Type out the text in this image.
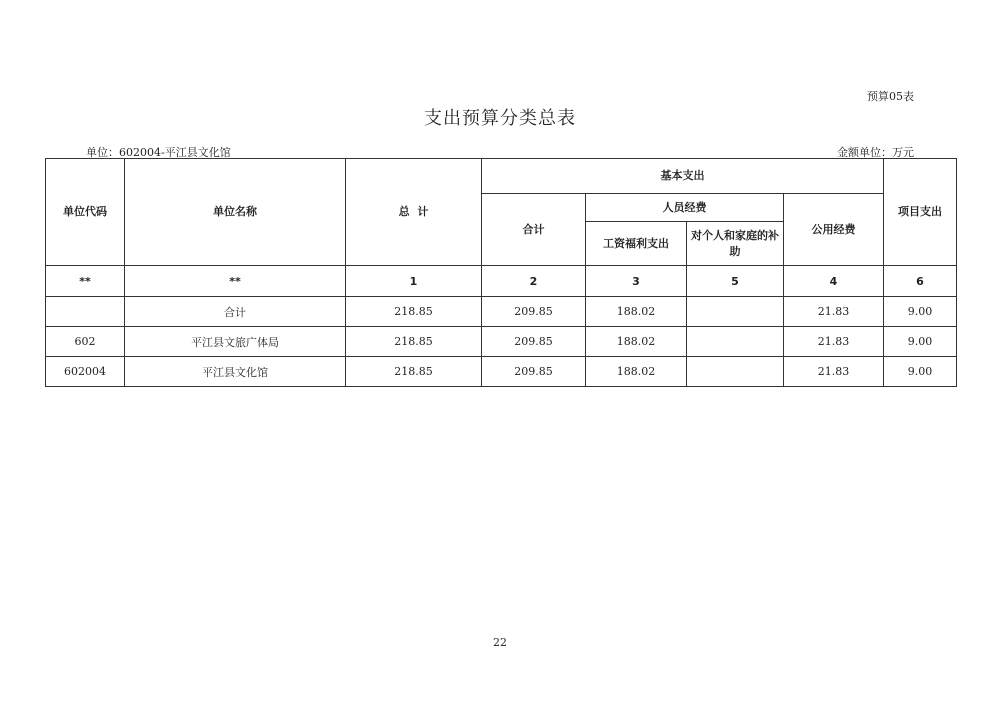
预算05表
支出预算分类总表
单位：602004-平江县文化馆	金额单位：万元
单位代码	单位名称	总  计	基本支出				项目支出
			合计	人员经费		公用经费	
				工资福利支出	对个人和家庭的补助		
**	**	1	2	3	5	4	6
	合计	218.85	209.85	188.02		21.83	9.00
602	平江县文旅广体局	218.85	209.85	188.02		21.83	9.00
602004	平江县文化馆	218.85	209.85	188.02		21.83	9.00
22
